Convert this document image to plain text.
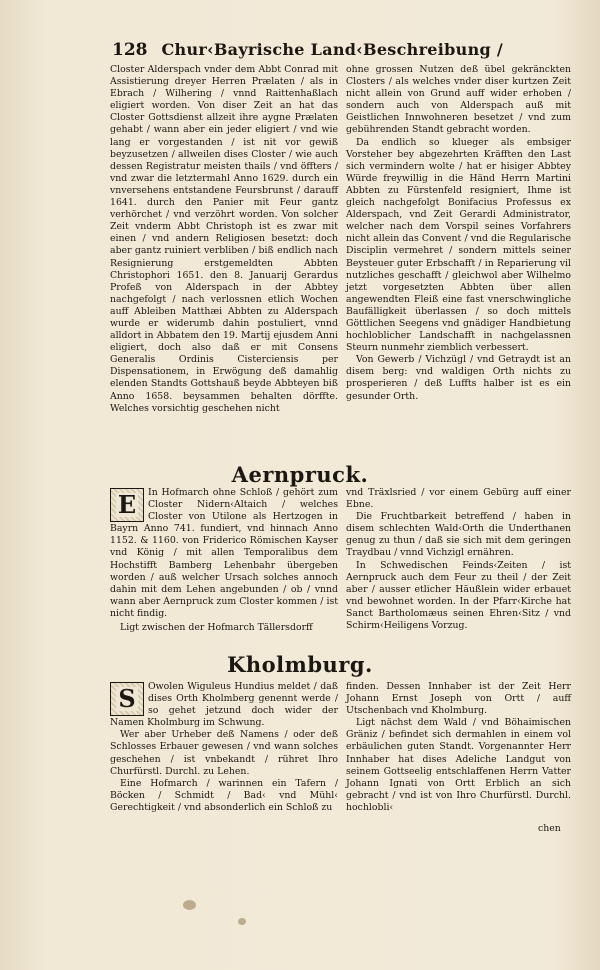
128 Chur‹Bayrische Land‹Beschreibung /

Closter Alderspach vnder dem Abbt Conrad mit Assistierung dreyer Herren Prælaten / als in Ebrach / Wilhering / vnnd Raittenhaßlach eligiert worden. Von diser Zeit an hat das Closter Gottsdienst allzeit ihre aygne Prælaten gehabt / wann aber ein jeder eligiert / vnd wie lang er vorgestanden / ist nit vor gewiß beyzusetzen / allweilen dises Closter / wie auch dessen Registratur meisten thails / vnd öffters / vnd zwar die letztermahl Anno 1629. durch ein vnversehens entstandene Feursbrunst / darauff 1641. durch den Panier mit Feur gantz verhörchet / vnd verzöhrt worden. Von solcher Zeit vnderm Abbt Christoph ist es zwar mit einen / vnd andern Religiosen besetzt: doch aber gantz ruiniert verbliben / biß endlich nach Resignierung erstgemeldten Abbten Christophori 1651. den 8. Januarij Gerardus Profeß von Alderspach in der Abbtey nachgefolgt / nach verlossnen etlich Wochen auff Ableiben Matthæi Abbten zu Alderspach wurde er widerumb dahin postuliert, vnnd alldort in Abbatem den 19. Martij ejusdem Anni eligiert, doch also daß er mit Consens Generalis Ordinis Cisterciensis per Dispensationem, in Erwögung deß damahlig elenden Standts Gottshauß beyde Abbteyen biß Anno 1658. beysammen behalten dörffte. Welches vorsichtig geschehen nicht

ohne grossen Nutzen deß übel gekränckten Closters / als welches vnder diser kurtzen Zeit nicht allein von Grund auff wider erhoben / sondern auch von Alderspach auß mit Geistlichen Innwohneren besetzet / vnd zum gebührenden Standt gebracht worden.

Da endlich so klueger als embsiger Vorsteher bey abgezehrten Kräfften den Last sich vermindern wolte / hat er hisiger Abbtey Würde freywillig in die Händ Herrn Martini Abbten zu Fürstenfeld resigniert, Ihme ist gleich nachgefolgt Bonifacius Professus ex Alderspach, vnd Zeit Gerardi Administrator, welcher nach dem Vorspil seines Vorfahrers nicht allein das Convent / vnd die Regularische Disciplin vermehret / sondern mittels seiner Beysteuer guter Erbschafft / in Reparierung vil nutzliches geschafft / gleichwol aber Wilhelmo jetzt vorgesetzten Abbten über allen angewendten Fleiß eine fast vnerschwingliche Baufälligkeit überlassen / so doch mittels Göttlichen Seegens vnd gnädiger Handbietung hochloblicher Landschafft in nachgelassnen Steurn nunmehr ziemblich verbessert.

Von Gewerb / Vichzügl / vnd Getraydt ist an disem berg: vnd waldigen Orth nichts zu prosperieren / deß Luffts halber ist es ein gesunder Orth.

Aernpruck.
E	In Hofmarch ohne Schloß / gehört zum Closter Nidern‹Altaich / welches Closter von Utilone als Hertzogen in Bayrn Anno 741. fundiert, vnd hinnach Anno 1152. & 1160. von Friderico Römischen Kayser vnd König / mit allen Temporalibus dem Hochstifft Bamberg Lehenbahr übergeben worden / auß welcher Ursach solches annoch dahin mit dem Lehen angebunden / ob / vnnd wann aber Aernpruck zum Closter kommen / ist nicht findig.

Ligt zwischen der Hofmarch Tällersdorff

vnd Träxlsried / vor einem Gebürg auff einer Ebne.

Die Fruchtbarkeit betreffend / haben in disem schlechten Wald‹Orth die Underthanen genug zu thun / daß sie sich mit dem geringen Traydbau / vnnd Vichzigl ernähren.

In Schwedischen Feinds‹Zeiten / ist Aernpruck auch dem Feur zu theil / der Zeit aber / ausser etlicher Häußlein wider erbauet vnd bewohnet worden. In der Pfarr‹Kirche hat Sanct Bartholomæus seinen Ehren‹Sitz / vnd Schirm‹Heiligens Vorzug.

Kholmburg.
S	Owolen Wiguleus Hundius meldet / daß dises Orth Kholmberg genennt werde / so gehet jetzund doch wider der Namen Kholmburg im Schwung.

Wer aber Urheber deß Namens / oder deß Schlosses Erbauer gewesen / vnd wann solches geschehen / ist vnbekandt / rühret Ihro Churfürstl. Durchl. zu Lehen.

Eine Hofmarch / warinnen ein Tafern / Böcken / Schmidt / Bad‹ vnd Mühl‹ Gerechtigkeit / vnd absonderlich ein Schloß zu

finden. Dessen Innhaber ist der Zeit Herr Johann Ernst Joseph von Ortt / auff Utschenbach vnd Kholmburg.

Ligt nächst dem Wald / vnd Böhaimischen Gräniz / befindet sich dermahlen in einem vol erbäulichen guten Standt. Vorgenannter Herr Innhaber hat dises Adeliche Landgut von seinem Gottseelig entschlaffenen Herrn Vatter Johann Ignati von Ortt Erblich an sich gebracht / vnd ist von Ihro Churfürstl. Durchl. hochlobli‹

chen
